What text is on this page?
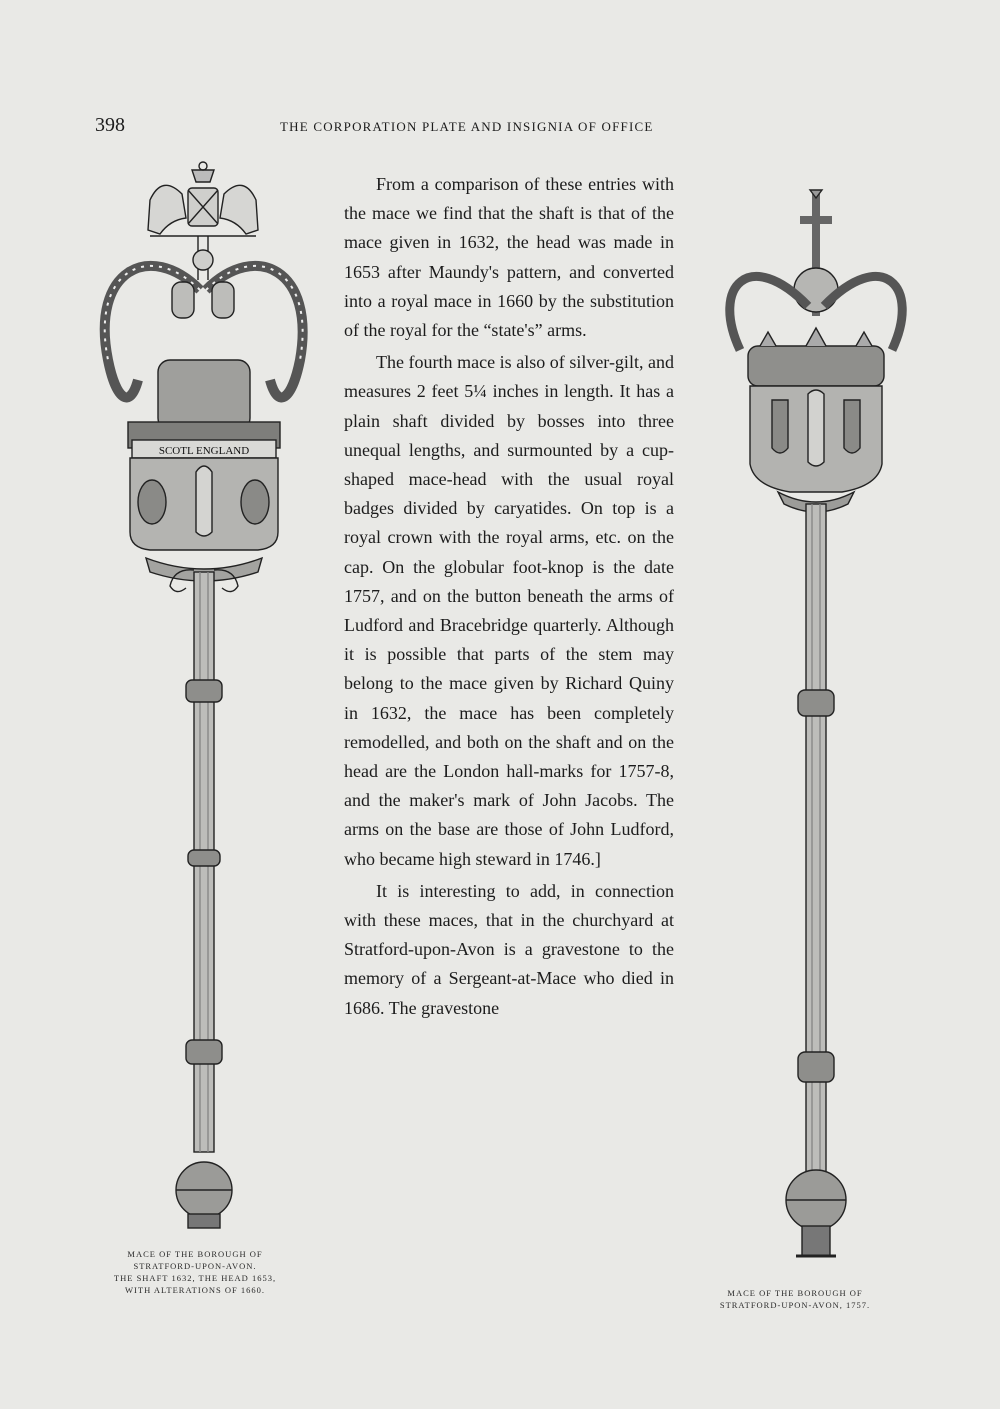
398	THE CORPORATION PLATE AND INSIGNIA OF OFFICE
SCOTL ENGLAND

From a comparison of these entries with the mace we find that the shaft is that of the mace given in 1632, the head was made in 1653 after Maundy's pattern, and converted into a royal mace in 1660 by the substitution of the royal for the “state's” arms.

The fourth mace is also of silver-gilt, and measures 2 feet 5¼ inches in length. It has a plain shaft divided by bosses into three unequal lengths, and surmounted by a cup-shaped mace-head with the usual royal badges divided by caryatides. On top is a royal crown with the royal arms, etc. on the cap. On the globular foot-knop is the date 1757, and on the button beneath the arms of Ludford and Bracebridge quarterly. Although it is possible that parts of the stem may belong to the mace given by Richard Quiny in 1632, the mace has been completely remodelled, and both on the shaft and on the head are the London hall-marks for 1757-8, and the maker's mark of John Jacobs. The arms on the base are those of John Ludford, who became high steward in 1746.]

It is interesting to add, in connection with these maces, that in the churchyard at Stratford-upon-Avon is a gravestone to the memory of a Sergeant-at-Mace who died in 1686. The gravestone

MACE OF THE BOROUGH OF
STRATFORD-UPON-AVON.
THE SHAFT 1632, THE HEAD 1653,
WITH ALTERATIONS OF 1660.	MACE OF THE BOROUGH OF
STRATFORD-UPON-AVON, 1757.
